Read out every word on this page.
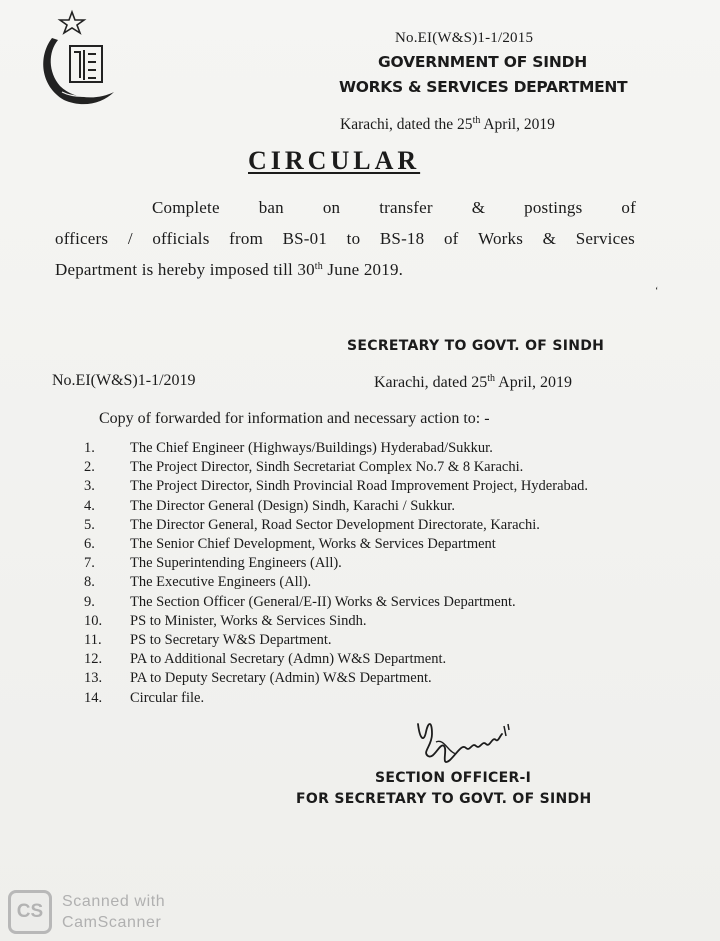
No.EI(W&S)1-1/2015
GOVERNMENT OF SINDH
WORKS & SERVICES DEPARTMENT
Karachi, dated the 25th April, 2019
CIRCULAR
Complete ban on transfer & postings of
officers / officials from BS-01 to BS-18 of Works & Services
Department is hereby imposed till 30th June 2019.
‘
SECRETARY TO GOVT. OF SINDH
No.EI(W&S)1-1/2019	Karachi, dated 25th April, 2019
Copy of forwarded for information and necessary action to: -
1.	The Chief Engineer (Highways/Buildings) Hyderabad/Sukkur.
2.	The Project Director, Sindh Secretariat Complex No.7 & 8 Karachi.
3.	The Project Director, Sindh Provincial Road Improvement Project, Hyderabad.
4.	The Director General (Design) Sindh, Karachi / Sukkur.
5.	The Director General, Road Sector Development Directorate, Karachi.
6.	The Senior Chief Development, Works & Services Department
7.	The Superintending Engineers (All).
8.	The Executive Engineers (All).
9.	The Section Officer (General/E-II) Works & Services Department.
10.	PS to Minister, Works & Services Sindh.
11.	PS to Secretary W&S Department.
12.	PA to Additional Secretary (Admn) W&S Department.
13.	PA to Deputy Secretary (Admin) W&S Department.
14.	Circular file.
SECTION OFFICER-I
FOR SECRETARY TO GOVT. OF SINDH
CS	Scanned with
CamScanner
